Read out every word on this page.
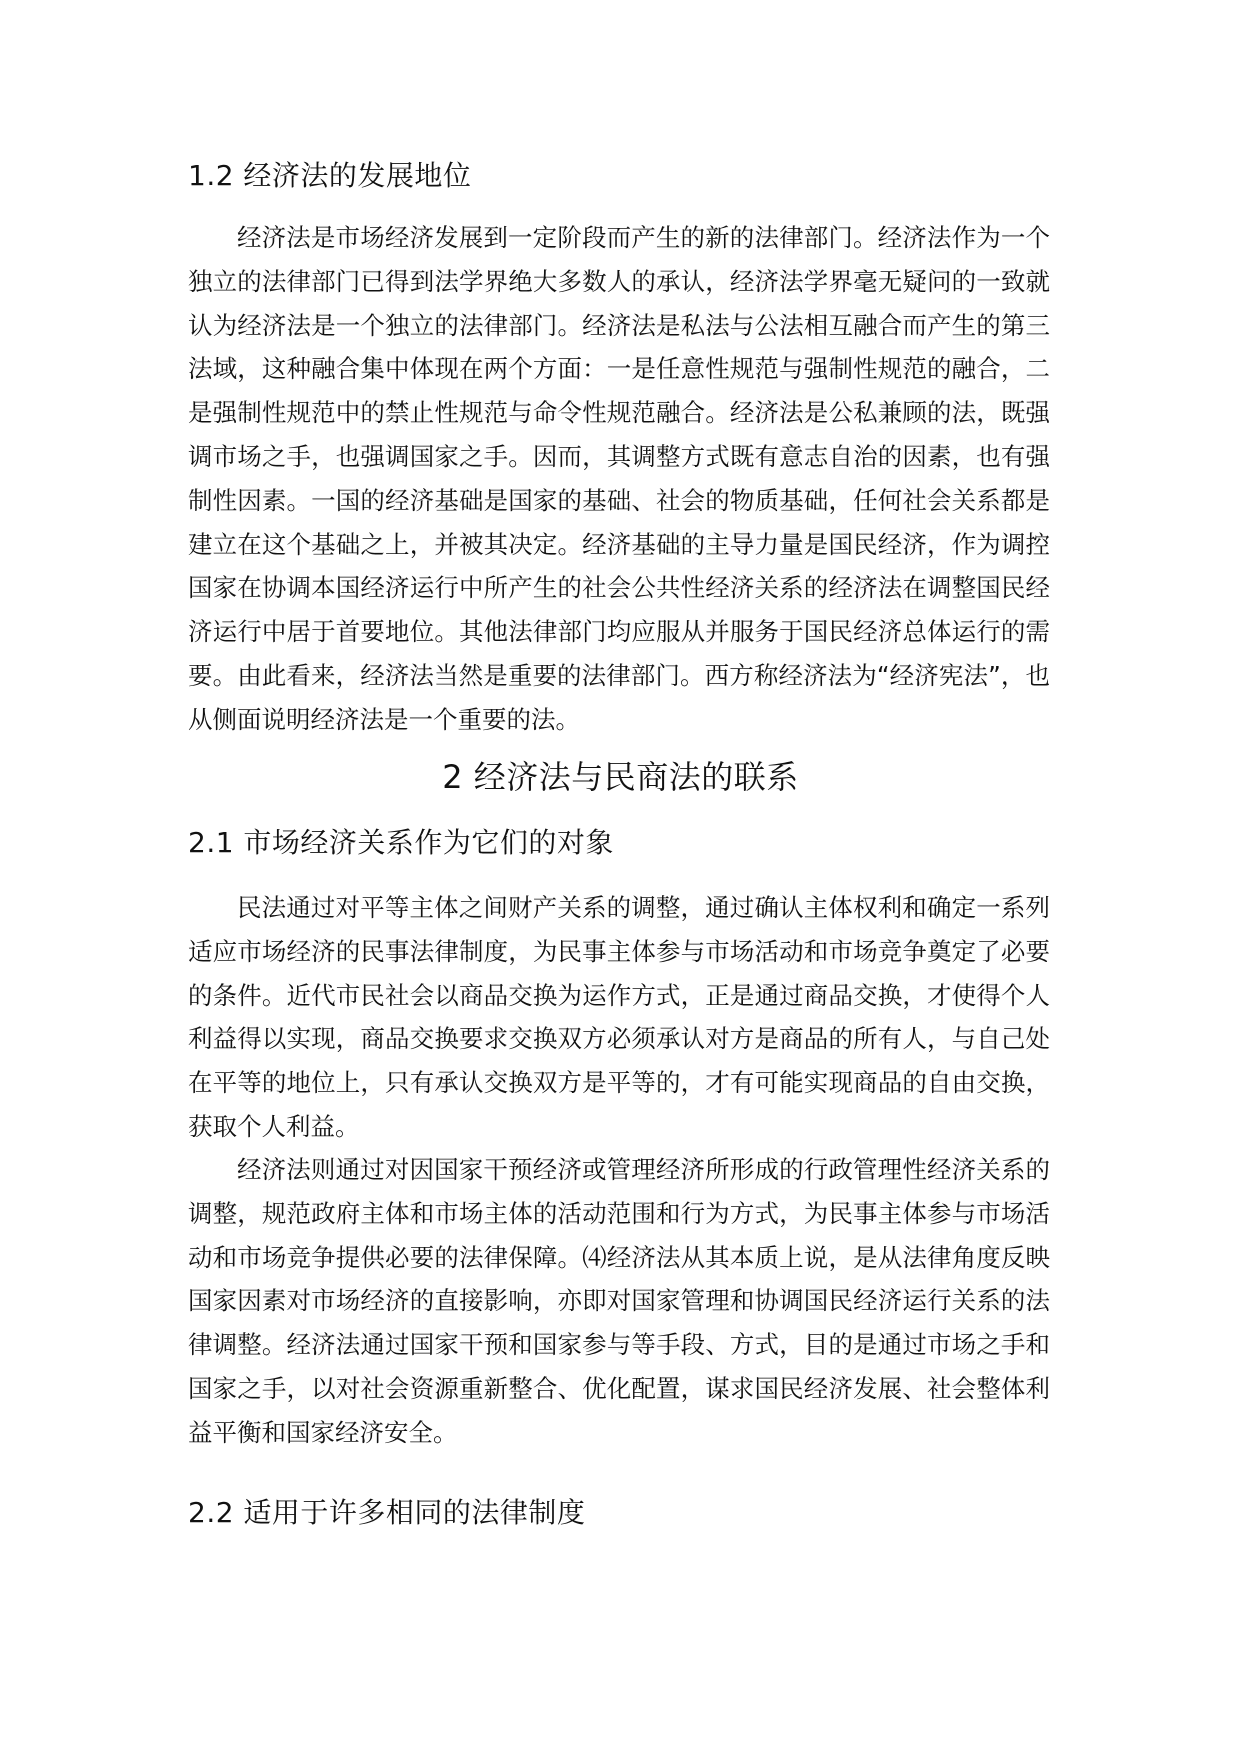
1.2 经济法的发展地位

经济法是市场经济发展到一定阶段而产生的新的法律部门。经济法作为一个独立的法律部门已得到法学界绝大多数人的承认，经济法学界毫无疑问的一致就认为经济法是一个独立的法律部门。经济法是私法与公法相互融合而产生的第三法域，这种融合集中体现在两个方面：一是任意性规范与强制性规范的融合，二是强制性规范中的禁止性规范与命令性规范融合。经济法是公私兼顾的法，既强调市场之手，也强调国家之手。因而，其调整方式既有意志自治的因素，也有强制性因素。一国的经济基础是国家的基础、社会的物质基础，任何社会关系都是建立在这个基础之上，并被其决定。经济基础的主导力量是国民经济，作为调控国家在协调本国经济运行中所产生的社会公共性经济关系的经济法在调整国民经济运行中居于首要地位。其他法律部门均应服从并服务于国民经济总体运行的需要。由此看来，经济法当然是重要的法律部门。西方称经济法为“经济宪法”，也从侧面说明经济法是一个重要的法。

2 经济法与民商法的联系
2.1 市场经济关系作为它们的对象

民法通过对平等主体之间财产关系的调整，通过确认主体权利和确定一系列适应市场经济的民事法律制度，为民事主体参与市场活动和市场竞争奠定了必要的条件。近代市民社会以商品交换为运作方式，正是通过商品交换，才使得个人利益得以实现，商品交换要求交换双方必须承认对方是商品的所有人，与自己处在平等的地位上，只有承认交换双方是平等的，才有可能实现商品的自由交换，获取个人利益。

经济法则通过对因国家干预经济或管理经济所形成的行政管理性经济关系的调整，规范政府主体和市场主体的活动范围和行为方式，为民事主体参与市场活动和市场竞争提供必要的法律保障。⑷经济法从其本质上说，是从法律角度反映国家因素对市场经济的直接影响，亦即对国家管理和协调国民经济运行关系的法律调整。经济法通过国家干预和国家参与等手段、方式，目的是通过市场之手和国家之手，以对社会资源重新整合、优化配置，谋求国民经济发展、社会整体利益平衡和国家经济安全。

2.2 适用于许多相同的法律制度
